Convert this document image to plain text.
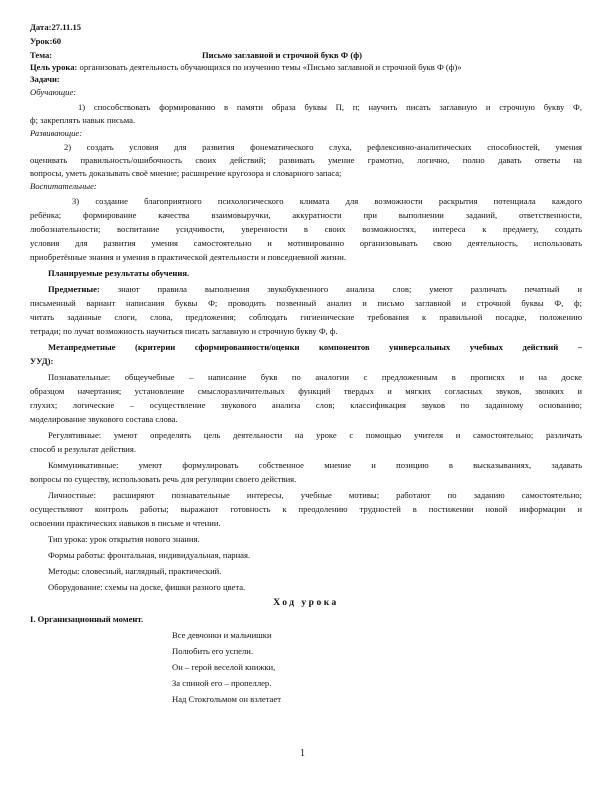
Дата:27.11.15
Урок:60
Тема:	Письмо заглавной и строчной букв Ф (ф)
Цель урока: организовать деятельность обучающихся по изучению темы «Письмо заглавной и строчной букв Ф (ф)»
Задачи:
Обучающие:
1) способствовать формированию в памяти образа буквы П, п; научить писать заглавную и строчную букву Ф,
ф; закреплять навык письма.
Развивающие:
2) создать условия для развития фонематического слуха, рефлексивно-аналитических способностей, умения
оценивать правильность/ошибочность своих действий; развивать умение грамотно, логично, полно давать ответы на
вопросы, уметь доказывать своё мнение; расширение кругозора и словарного запаса;
Воспитательные:
3) создание благоприятного психологического климата для возможности раскрытия потенциала каждого
ребёнка; формирование качества взаимовыручки, аккуратности при выполнении заданий, ответственности,
любознательности; воспитание усидчивости, уверенности в своих возможностях, интереса к предмету, создать
условия для развития умения самостоятельно и мотивированно организовывать свою деятельность, использовать
приобретённые знания и умения в практической деятельности и повседневной жизни.
Планируемые результаты обучения.
Предметные: знают правила выполнения звукобуквенного анализа слов; умеют различать печатный и
письменный вариант написания буквы Ф; проводить позвенный анализ и письмо заглавной и строчной буквы Ф, ф;
читать заданные слоги, слова, предложения; соблюдать гигиенические требования к правильной посадке, положению
тетради; по лучат возможность научиться писать заглавную и строчную букву Ф, ф.
Метапредметные (критерии сформированности/оценки компонентов универсальных учебных действий –
УУД):
Познавательные: общеучебные – написание букв по аналогии с предложенным в прописях и на доске
образцом начертания; установление смыслоразличительных функций твердых и мягких согласных звуков, звонких и
глухих; логические – осуществление звукового анализа слов; классификация звуков по заданному основанию;
моделирование звукового состава слова.
Регулятивные: умеют определять цель деятельности на уроке с помощью учителя и самостоятельно; различать
способ и результат действия.
Коммуникативные: умеют формулировать собственное мнение и позицию в высказываниях, задавать
вопросы по существу, использовать речь для регуляции своего действия.
Личностные: расширяют познавательные интересы, учебные мотивы; работают по заданию самостоятельно;
осуществляют контроль работы; выражают готовность к преодолению трудностей в постижении новой информации и
освоении практических навыков в письме и чтении.
Тип урока: урок открытия нового знания.
Формы работы: фронтальная, индивидуальная, парная.
Методы: словесный, наглядный, практический.
Оборудование: схемы на доске, фишки разного цвета.
Ход урока
I. Организационный момент.
Все девчонки и мальчишки
Полюбить его успели.
Он – герой веселой книжки,
За спиной его – пропеллер.
Над Стокгольмом он взлетает
1
